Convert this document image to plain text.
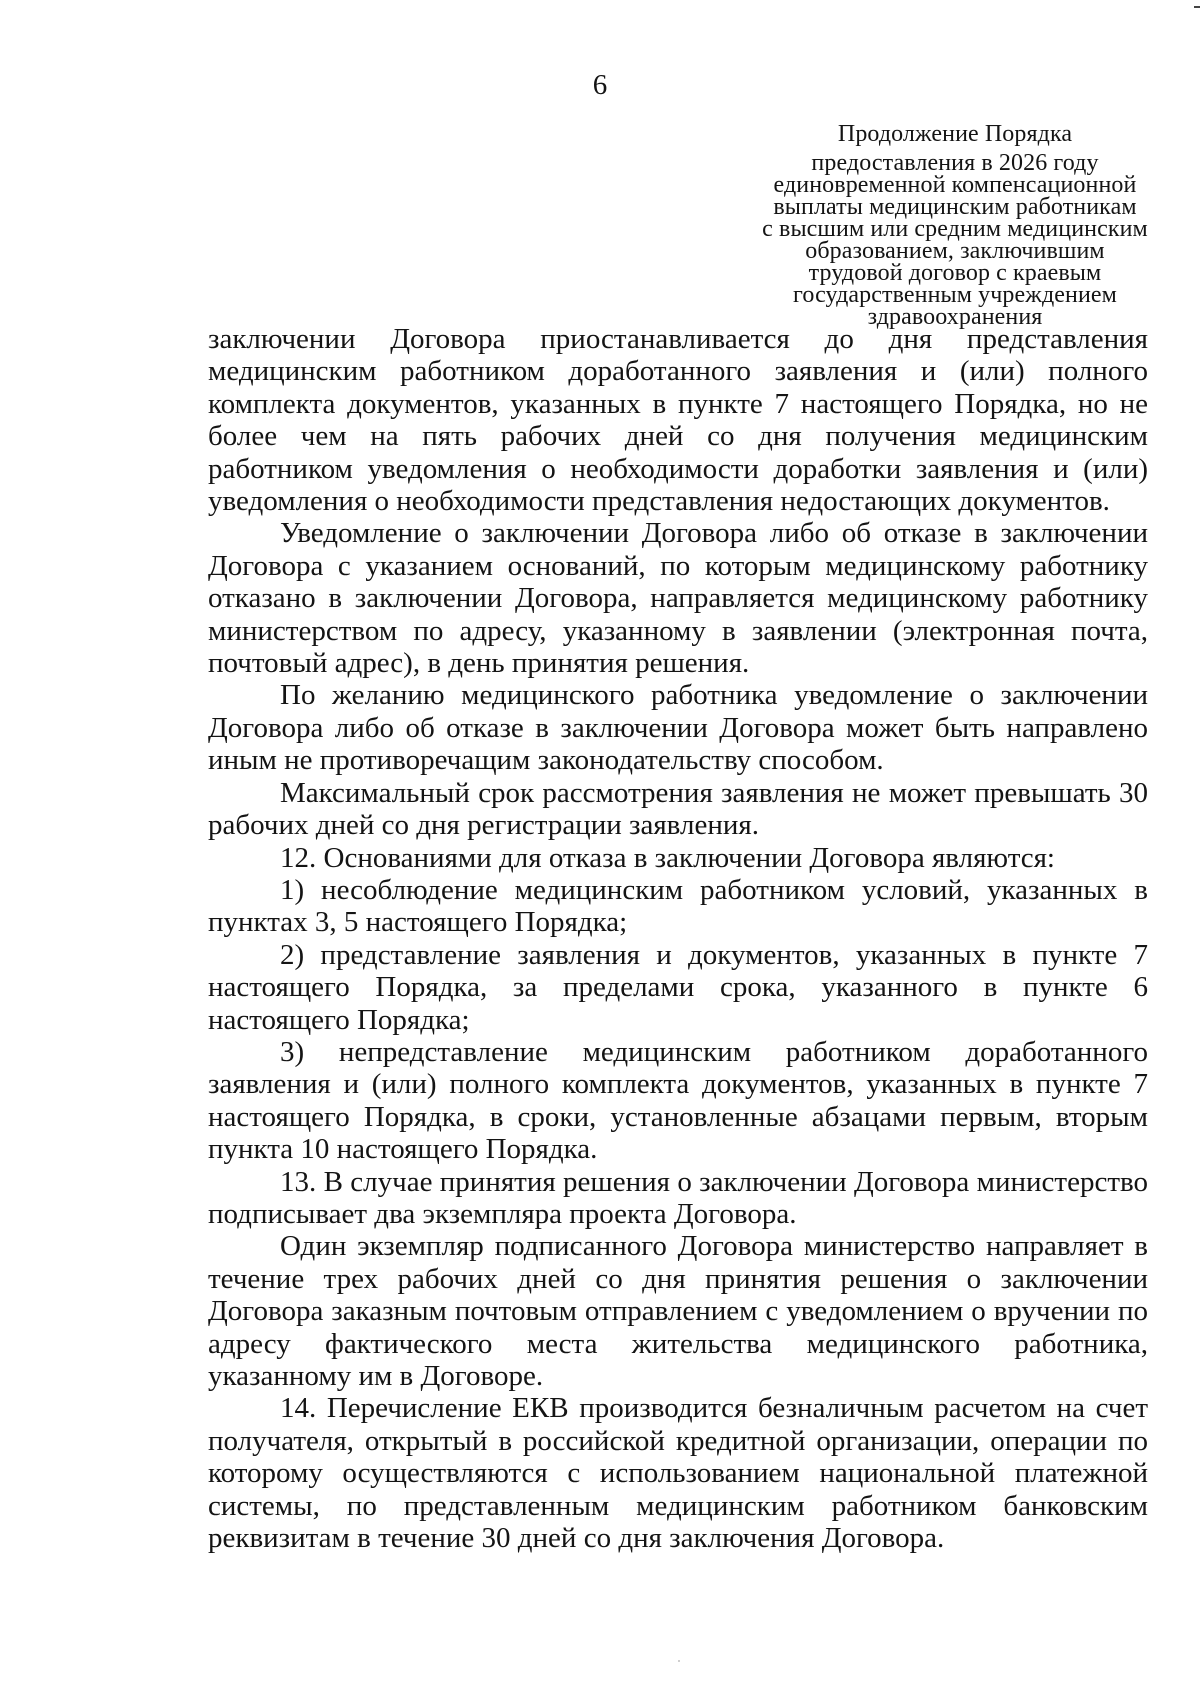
6
Продолжение Порядка
предоставления в 2026 году
единовременной компенсационной
выплаты медицинским работникам
с высшим или средним медицинским
образованием, заключившим
трудовой договор с краевым
государственным учреждением
здравоохранения

заключении Договора приостанавливается до дня представления медицинским работником доработанного заявления и (или) полного комплекта документов, указанных в пункте 7 настоящего Порядка, но не более чем на пять рабочих дней со дня получения медицинским работником уведомления о необходимости доработки заявления и (или) уведомления о необходимости представления недостающих документов.

Уведомление о заключении Договора либо об отказе в заключении Договора с указанием оснований, по которым медицинскому работнику отказано в заключении Договора, направляется медицинскому работнику министерством по адресу, указанному в заявлении (электронная почта, почтовый адрес), в день принятия решения.

По желанию медицинского работника уведомление о заключении Договора либо об отказе в заключении Договора может быть направлено иным не противоречащим законодательству способом.

Максимальный срок рассмотрения заявления не может превышать 30 рабочих дней со дня регистрации заявления.

12. Основаниями для отказа в заключении Договора являются:

1) несоблюдение медицинским работником условий, указанных в пунктах 3, 5 настоящего Порядка;

2) представление заявления и документов, указанных в пункте 7 настоящего Порядка, за пределами срока, указанного в пункте 6 настоящего Порядка;

3) непредставление медицинским работником доработанного заявления и (или) полного комплекта документов, указанных в пункте 7 настоящего Порядка, в сроки, установленные абзацами первым, вторым пункта 10 настоящего Порядка.

13. В случае принятия решения о заключении Договора министерство подписывает два экземпляра проекта Договора.

Один экземпляр подписанного Договора министерство направляет в течение трех рабочих дней со дня принятия решения о заключении Договора заказным почтовым отправлением с уведомлением о вручении по адресу фактического места жительства медицинского работника, указанному им в Договоре.

14. Перечисление ЕКВ производится безналичным расчетом на счет получателя, открытый в российской кредитной организации, операции по которому осуществляются с использованием национальной платежной системы, по представленным медицинским работником банковским реквизитам в течение 30 дней со дня заключения Договора.
